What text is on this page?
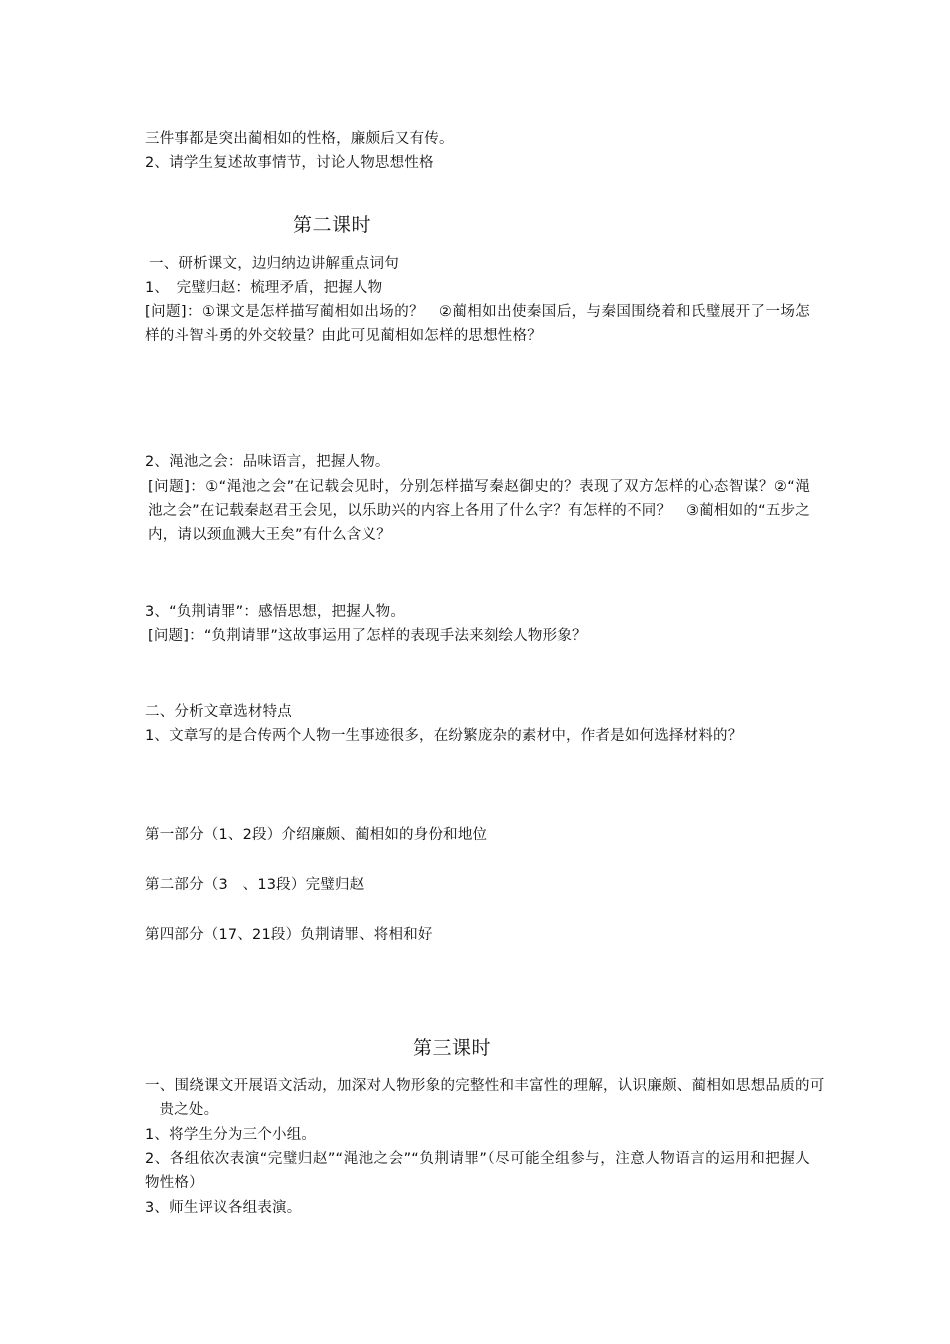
三件事都是突出蔺相如的性格，廉颇后又有传。
2、请学生复述故事情节，讨论人物思想性格
第二课时
一、研析课文，边归纳边讲解重点词句
1、　完璧归赵：梳理矛盾，把握人物
[问题]：①课文是怎样描写蔺相如出场的？　②蔺相如出使秦国后，与秦国围绕着和氏璧展开了一场怎样的斗智斗勇的外交较量？由此可见蔺相如怎样的思想性格？
2、渑池之会：品味语言，把握人物。
[问题]：①“渑池之会”在记载会见时，分别怎样描写秦赵御史的？表现了双方怎样的心态智谋？②“渑池之会”在记载秦赵君王会见，以乐助兴的内容上各用了什么字？有怎样的不同？　③蔺相如的“五步之内，请以颈血溅大王矣”有什么含义？
3、“负荆请罪”：感悟思想，把握人物。
[问题]：“负荆请罪”这故事运用了怎样的表现手法来刻绘人物形象？
二、分析文章选材特点
1、文章写的是合传两个人物一生事迹很多，在纷繁庞杂的素材中，作者是如何选择材料的？
第一部分（1、2段）介绍廉颇、蔺相如的身份和地位
第二部分（3　、13段）完璧归赵
第四部分（17、21段）负荆请罪、将相和好
第三课时
一、围绕课文开展语文活动，加深对人物形象的完整性和丰富性的理解，认识廉颇、蔺相如思想品质的可贵之处。
1、将学生分为三个小组。
2、各组依次表演“完璧归赵”“渑池之会”“负荆请罪”（尽可能全组参与，注意人物语言的运用和把握人物性格）
3、师生评议各组表演。
